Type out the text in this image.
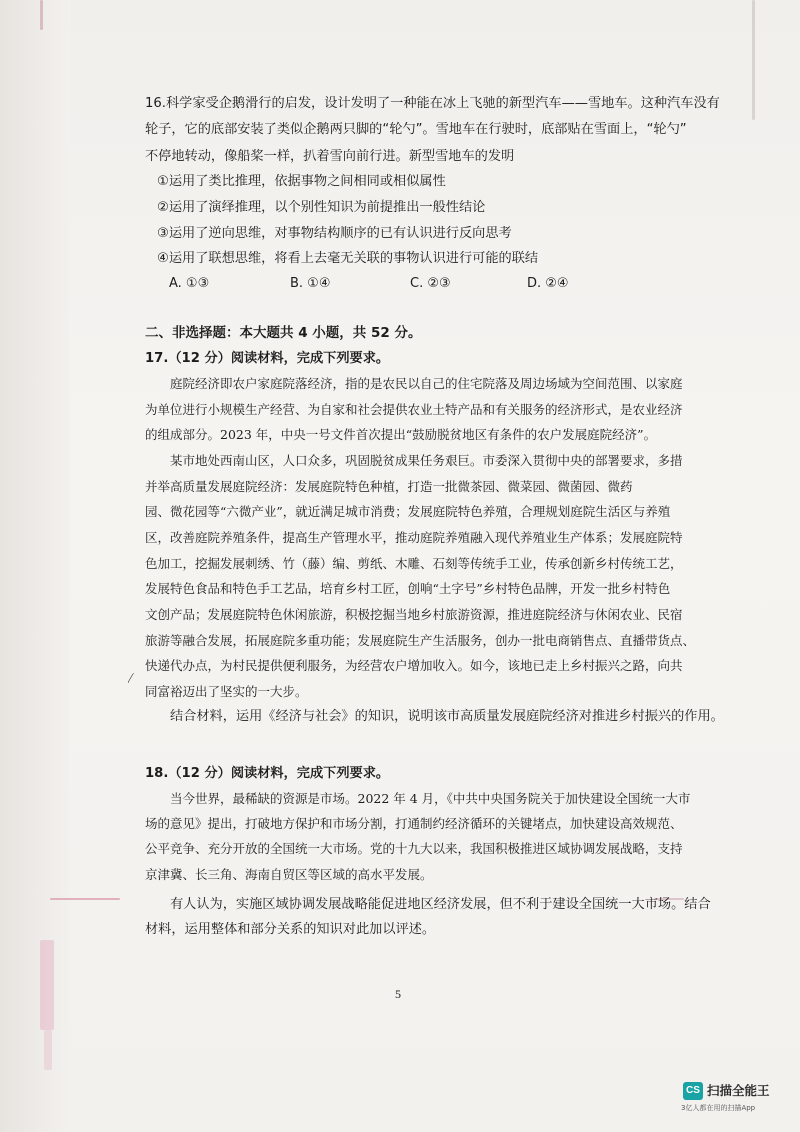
16.科学家受企鹅滑行的启发，设计发明了一种能在冰上飞驰的新型汽车——雪地车。这种汽车没有
轮子，它的底部安装了类似企鹅两只脚的“轮勺”。雪地车在行驶时，底部贴在雪面上，“轮勺”
不停地转动，像船桨一样，扒着雪向前行进。新型雪地车的发明
①运用了类比推理，依据事物之间相同或相似属性
②运用了演绎推理，以个别性知识为前提推出一般性结论
③运用了逆向思维，对事物结构顺序的已有认识进行反向思考
④运用了联想思维，将看上去毫无关联的事物认识进行可能的联结
A. ①③	B. ①④	C. ②③	D. ②④
二、非选择题：本大题共 4 小题，共 52 分。
17.（12 分）阅读材料，完成下列要求。
庭院经济即农户家庭院落经济，指的是农民以自己的住宅院落及周边场域为空间范围、以家庭
为单位进行小规模生产经营、为自家和社会提供农业土特产品和有关服务的经济形式，是农业经济
的组成部分。2023 年，中央一号文件首次提出“鼓励脱贫地区有条件的农户发展庭院经济”。
某市地处西南山区，人口众多，巩固脱贫成果任务艰巨。市委深入贯彻中央的部署要求，多措
并举高质量发展庭院经济：发展庭院特色种植，打造一批微茶园、微菜园、微菌园、微药
园、微花园等“六微产业”，就近满足城市消费；发展庭院特色养殖，合理规划庭院生活区与养殖
区，改善庭院养殖条件，提高生产管理水平，推动庭院养殖融入现代养殖业生产体系；发展庭院特
色加工，挖掘发展刺绣、竹（藤）编、剪纸、木雕、石刻等传统手工业，传承创新乡村传统工艺，
发展特色食品和特色手工艺品，培育乡村工匠，创响“土字号”乡村特色品牌，开发一批乡村特色
文创产品；发展庭院特色休闲旅游，积极挖掘当地乡村旅游资源，推进庭院经济与休闲农业、民宿
旅游等融合发展，拓展庭院多重功能；发展庭院生产生活服务，创办一批电商销售点、直播带货点、
快递代办点，为村民提供便利服务，为经营农户增加收入。如今，该地已走上乡村振兴之路，向共
同富裕迈出了坚实的一大步。
结合材料，运用《经济与社会》的知识，说明该市高质量发展庭院经济对推进乡村振兴的作用。
18.（12 分）阅读材料，完成下列要求。
当今世界，最稀缺的资源是市场。2022 年 4 月，《中共中央国务院关于加快建设全国统一大市
场的意见》提出，打破地方保护和市场分割，打通制约经济循环的关键堵点，加快建设高效规范、
公平竞争、充分开放的全国统一大市场。党的十九大以来，我国积极推进区域协调发展战略，支持
京津冀、长三角、海南自贸区等区域的高水平发展。
有人认为，实施区域协调发展战略能促进地区经济发展，但不利于建设全国统一大市场。结合
材料，运用整体和部分关系的知识对此加以评述。
5
CS 扫描全能王
3亿人都在用的扫描App
